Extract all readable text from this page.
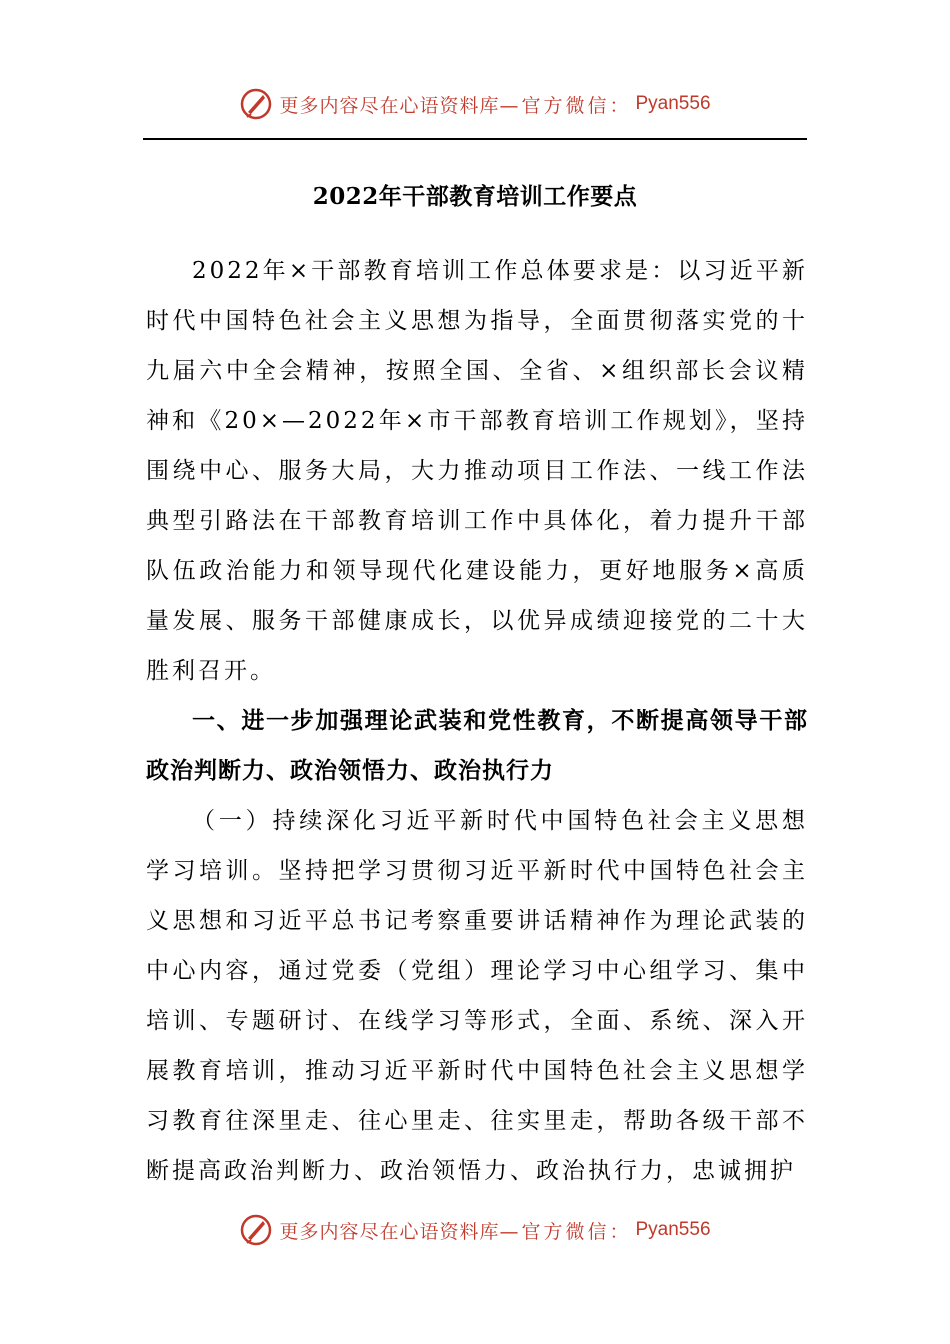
更多内容尽在心语资料库 —官方微信： Pyan556
2022年干部教育培训工作要点

2022年×干部教育培训工作总体要求是：以习近平新时代中国特色社会主义思想为指导，全面贯彻落实党的十九届六中全会精神，按照全国、全省、×组织部长会议精神和《20×—2022年×市干部教育培训工作规划》，坚持围绕中心、服务大局，大力推动项目工作法、一线工作法典型引路法在干部教育培训工作中具体化，着力提升干部队伍政治能力和领导现代化建设能力，更好地服务×高质量发展、服务干部健康成长，以优异成绩迎接党的二十大胜利召开。

一、进一步加强理论武装和党性教育，不断提高领导干部政治判断力、政治领悟力、政治执行力

（一）持续深化习近平新时代中国特色社会主义思想学习培训。坚持把学习贯彻习近平新时代中国特色社会主义思想和习近平总书记考察重要讲话精神作为理论武装的中心内容，通过党委（党组）理论学习中心组学习、集中培训、专题研讨、在线学习等形式，全面、系统、深入开展教育培训，推动习近平新时代中国特色社会主义思想学习教育往深里走、往心里走、往实里走，帮助各级干部不断提高政治判断力、政治领悟力、政治执行力，忠诚拥护

更多内容尽在心语资料库 —官方微信： Pyan556
